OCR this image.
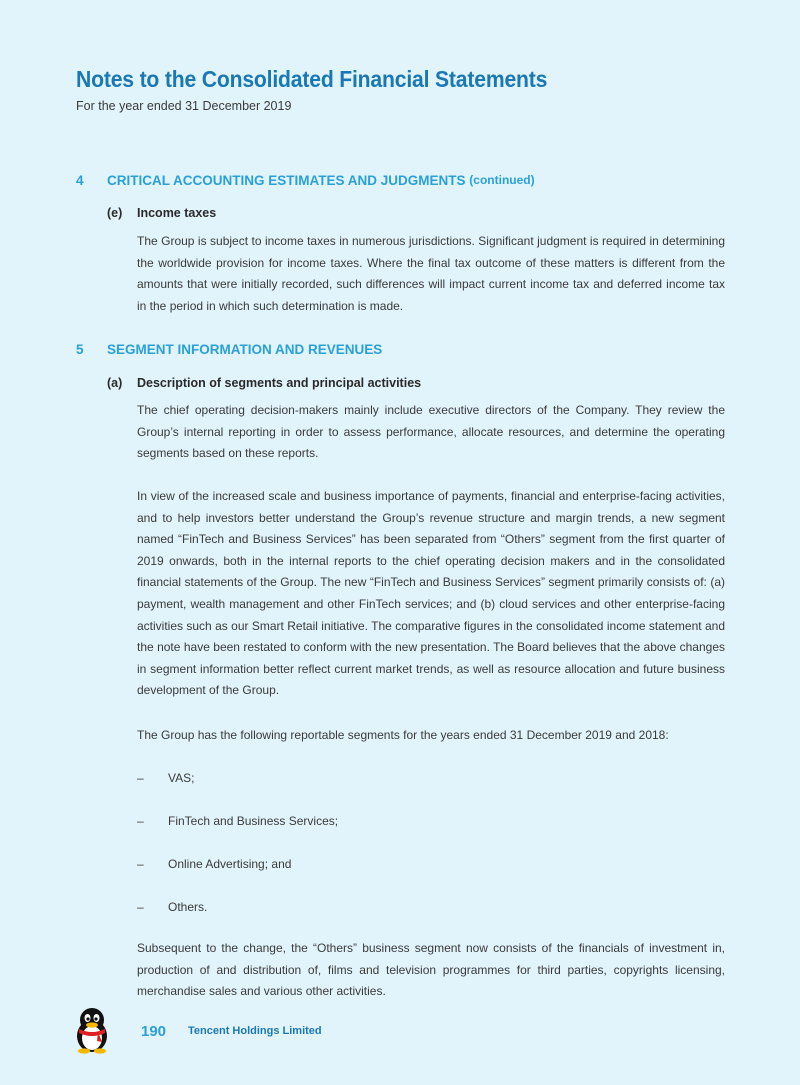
Notes to the Consolidated Financial Statements
For the year ended 31 December 2019
4	CRITICAL ACCOUNTING ESTIMATES AND JUDGMENTS
(continued)
(e)	Income taxes

The Group is subject to income taxes in numerous jurisdictions. Significant judgment is required in determining the worldwide provision for income taxes. Where the final tax outcome of these matters is different from the amounts that were initially recorded, such differences will impact current income tax and deferred income tax in the period in which such determination is made.

5	SEGMENT INFORMATION AND REVENUES
(a)	Description of segments and principal activities

The chief operating decision-makers mainly include executive directors of the Company. They review the Group’s internal reporting in order to assess performance, allocate resources, and determine the operating segments based on these reports.

In view of the increased scale and business importance of payments, financial and enterprise-facing activities, and to help investors better understand the Group’s revenue structure and margin trends, a new segment named “FinTech and Business Services” has been separated from “Others” segment from the first quarter of 2019 onwards, both in the internal reports to the chief operating decision makers and in the consolidated financial statements of the Group. The new “FinTech and Business Services” segment primarily consists of: (a) payment, wealth management and other FinTech services; and (b) cloud services and other enterprise-facing activities such as our Smart Retail initiative. The comparative figures in the consolidated income statement and the note have been restated to conform with the new presentation. The Board believes that the above changes in segment information better reflect current market trends, as well as resource allocation and future business development of the Group.

The Group has the following reportable segments for the years ended 31 December 2019 and 2018:

–	VAS;
–	FinTech and Business Services;
–	Online Advertising; and
–	Others.

Subsequent to the change, the “Others” business segment now consists of the financials of investment in, production of and distribution of, films and television programmes for third parties, copyrights licensing, merchandise sales and various other activities.

190 Tencent Holdings Limited
